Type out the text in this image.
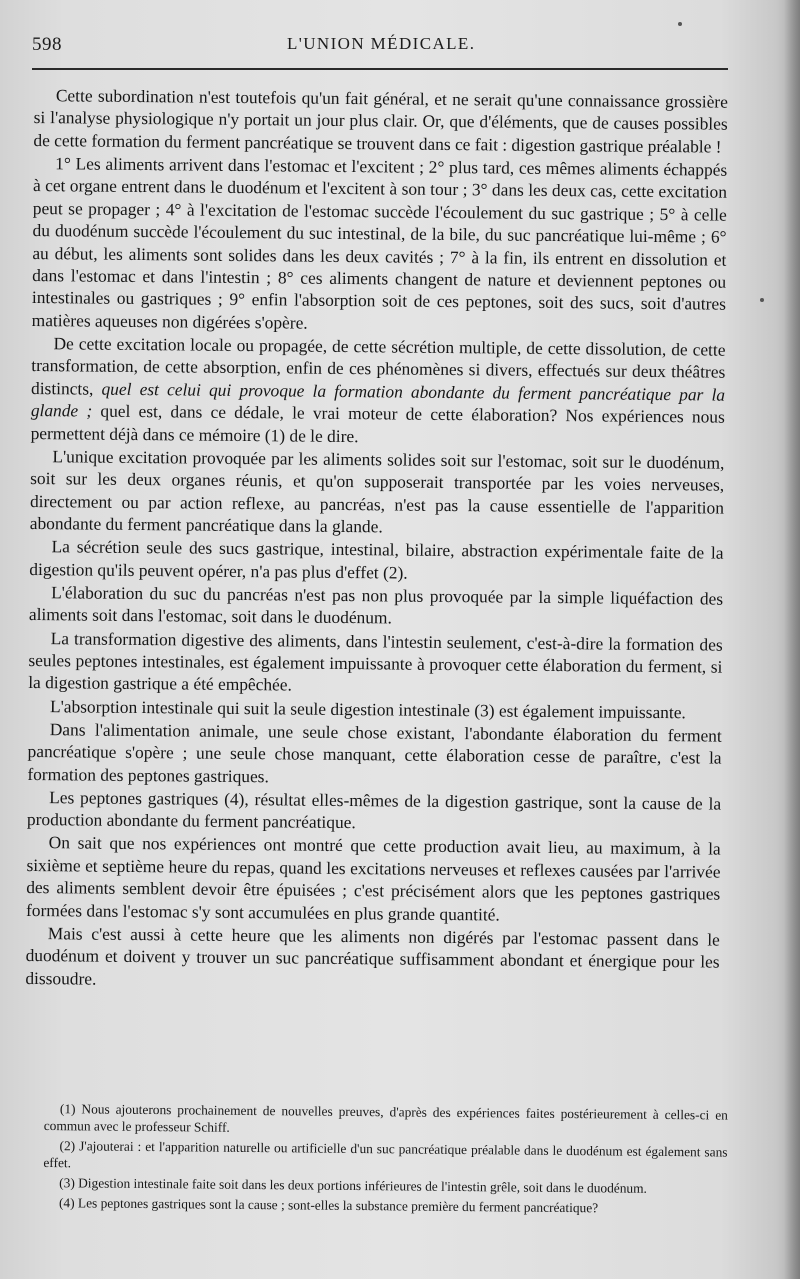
598	L'UNION MÉDICALE.

Cette subordination n'est toutefois qu'un fait général, et ne serait qu'une connaissance grossière si l'analyse physiologique n'y portait un jour plus clair. Or, que d'éléments, que de causes possibles de cette formation du ferment pancréatique se trouvent dans ce fait : digestion gastrique préalable !

1° Les aliments arrivent dans l'estomac et l'excitent ; 2° plus tard, ces mêmes aliments échappés à cet organe entrent dans le duodénum et l'excitent à son tour ; 3° dans les deux cas, cette excitation peut se propager ; 4° à l'excitation de l'estomac succède l'écoulement du suc gastrique ; 5° à celle du duodénum succède l'écoulement du suc intestinal, de la bile, du suc pancréatique lui-même ; 6° au début, les aliments sont solides dans les deux cavités ; 7° à la fin, ils entrent en dissolution et dans l'estomac et dans l'intestin ; 8° ces aliments changent de nature et deviennent peptones ou intestinales ou gastriques ; 9° enfin l'absorption soit de ces peptones, soit des sucs, soit d'autres matières aqueuses non digérées s'opère.

De cette excitation locale ou propagée, de cette sécrétion multiple, de cette dissolution, de cette transformation, de cette absorption, enfin de ces phénomènes si divers, effectués sur deux théâtres distincts, quel est celui qui provoque la formation abondante du ferment pancréatique par la glande ; quel est, dans ce dédale, le vrai moteur de cette élaboration? Nos expériences nous permettent déjà dans ce mémoire (1) de le dire.

L'unique excitation provoquée par les aliments solides soit sur l'estomac, soit sur le duodénum, soit sur les deux organes réunis, et qu'on supposerait transportée par les voies nerveuses, directement ou par action reflexe, au pancréas, n'est pas la cause essentielle de l'apparition abondante du ferment pancréatique dans la glande.

La sécrétion seule des sucs gastrique, intestinal, bilaire, abstraction expérimentale faite de la digestion qu'ils peuvent opérer, n'a pas plus d'effet (2).

L'élaboration du suc du pancréas n'est pas non plus provoquée par la simple liquéfaction des aliments soit dans l'estomac, soit dans le duodénum.

La transformation digestive des aliments, dans l'intestin seulement, c'est-à-dire la formation des seules peptones intestinales, est également impuissante à provoquer cette élaboration du ferment, si la digestion gastrique a été empêchée.

L'absorption intestinale qui suit la seule digestion intestinale (3) est également impuissante.

Dans l'alimentation animale, une seule chose existant, l'abondante élaboration du ferment pancréatique s'opère ; une seule chose manquant, cette élaboration cesse de paraître, c'est la formation des peptones gastriques.

Les peptones gastriques (4), résultat elles-mêmes de la digestion gastrique, sont la cause de la production abondante du ferment pancréatique.

On sait que nos expériences ont montré que cette production avait lieu, au maximum, à la sixième et septième heure du repas, quand les excitations nerveuses et reflexes causées par l'arrivée des aliments semblent devoir être épuisées ; c'est précisément alors que les peptones gastriques formées dans l'estomac s'y sont accumulées en plus grande quantité.

Mais c'est aussi à cette heure que les aliments non digérés par l'estomac passent dans le duodénum et doivent y trouver un suc pancréatique suffisamment abondant et énergique pour les dissoudre.

(1) Nous ajouterons prochainement de nouvelles preuves, d'après des expériences faites postérieurement à celles-ci en commun avec le professeur Schiff.

(2) J'ajouterai : et l'apparition naturelle ou artificielle d'un suc pancréatique préalable dans le duodénum est également sans effet.

(3) Digestion intestinale faite soit dans les deux portions inférieures de l'intestin grêle, soit dans le duodénum.

(4) Les peptones gastriques sont la cause ; sont-elles la substance première du ferment pancréatique?
